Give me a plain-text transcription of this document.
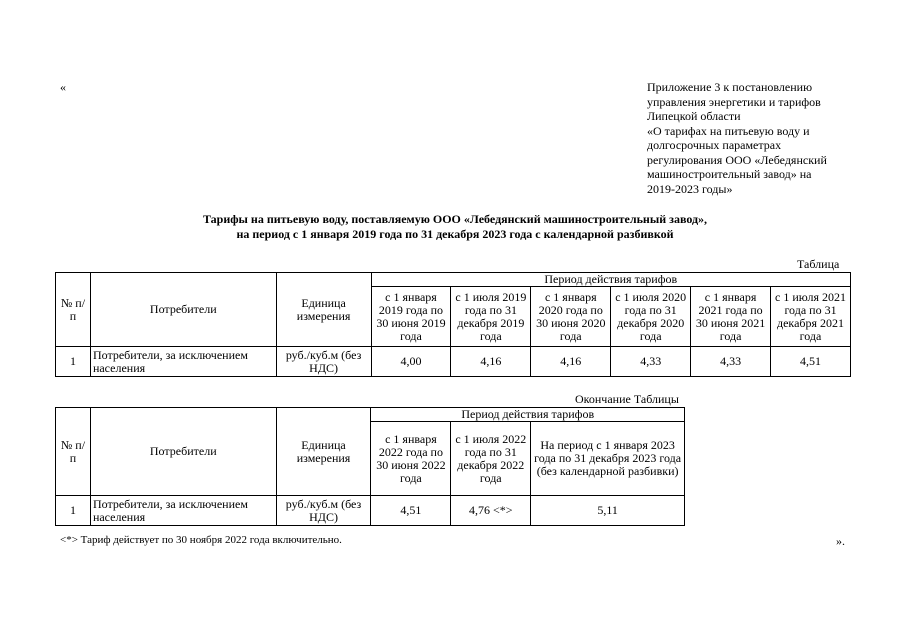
«	Приложение 3 к постановлению
управления энергетики и тарифов
Липецкой области
«О тарифах на питьевую воду и
долгосрочных параметрах
регулирования ООО «Лебедянский
машиностроительный завод» на
2019-2023 годы»
Тарифы на питьевую воду, поставляемую ООО «Лебедянский машиностроительный завод»,
на период с 1 января 2019 года по 31 декабря 2023 года с календарной разбивкой
Таблица
№ п/п	Потребители	Единица измерения	Период действия тарифов					
			с 1 января 2019 года по 30 июня 2019 года	с 1 июля 2019 года по 31 декабря 2019 года	с 1 января 2020 года по 30 июня 2020 года	с 1 июля 2020 года по 31 декабря 2020 года	с 1 января 2021 года по 30 июня 2021 года	с 1 июля 2021 года по 31 декабря 2021 года
1	Потребители, за исключением населения	руб./куб.м (без НДС)	4,00	4,16	4,16	4,33	4,33	4,51
Окончание Таблицы
№ п/п	Потребители	Единица измерения	Период действия тарифов		
			с 1 января 2022 года по 30 июня 2022 года	с 1 июля 2022 года по 31 декабря 2022 года	На период с 1 января 2023 года по 31 декабря 2023 года (без календарной разбивки)
1	Потребители, за исключением населения	руб./куб.м (без НДС)	4,51	4,76 <*>	5,11
<*> Тариф действует по 30 ноября 2022 года включительно.	».
